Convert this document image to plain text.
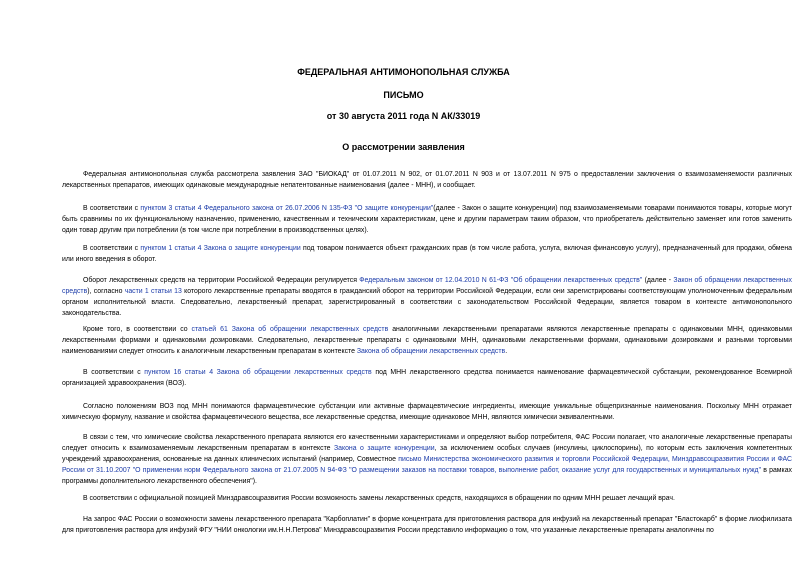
ФЕДЕРАЛЬНАЯ АНТИМОНОПОЛЬНАЯ СЛУЖБА
ПИСЬМО
от 30 августа 2011 года N АК/33019
О рассмотрении заявления

Федеральная антимонопольная служба рассмотрела заявления ЗАО "БИОКАД" от 01.07.2011 N 902, от 01.07.2011 N 903 и от 13.07.2011 N 975 о предоставлении заключения о взаимозаменяемости различных лекарственных препаратов, имеющих одинаковые международные непатентованные наименования (далее - МНН), и сообщает.

В соответствии с пунктом 3 статьи 4 Федерального закона от 26.07.2006 N 135-ФЗ "О защите конкуренции"(далее - Закон о защите конкуренции) под взаимозаменяемыми товарами понимаются товары, которые могут быть сравнимы по их функциональному назначению, применению, качественным и техническим характеристикам, цене и другим параметрам таким образом, что приобретатель действительно заменяет или готов заменить один товар другим при потреблении (в том числе при потреблении в производственных целях).

В соответствии с пунктом 1 статьи 4 Закона о защите конкуренции под товаром понимается объект гражданских прав (в том числе работа, услуга, включая финансовую услугу), предназначенный для продажи, обмена или иного введения в оборот.

Оборот лекарственных средств на территории Российской Федерации регулируется Федеральным законом от 12.04.2010 N 61-ФЗ "Об обращении лекарственных средств" (далее - Закон об обращении лекарственных средств), согласно части 1 статьи 13 которого лекарственные препараты вводятся в гражданский оборот на территории Российской Федерации, если они зарегистрированы соответствующим уполномоченным федеральным органом исполнительной власти. Следовательно, лекарственный препарат, зарегистрированный в соответствии с законодательством Российской Федерации, является товаром в контексте антимонопольного законодательства.

Кроме того, в соответствии со статьей 61 Закона об обращении лекарственных средств аналогичными лекарственными препаратами являются лекарственные препараты с одинаковыми МНН, одинаковыми лекарственными формами и одинаковыми дозировками. Следовательно, лекарственные препараты с одинаковыми МНН, одинаковыми лекарственными формами, одинаковыми дозировками и разными торговыми наименованиями следует относить к аналогичным лекарственным препаратам в контексте Закона об обращении лекарственных средств.

В соответствии с пунктом 16 статьи 4 Закона об обращении лекарственных средств под МНН лекарственного средства понимается наименование фармацевтической субстанции, рекомендованное Всемирной организацией здравоохранения (ВОЗ).

Согласно положениям ВОЗ под МНН понимаются фармацевтические субстанции или активные фармацевтические ингредиенты, имеющие уникальные общепризнанные наименования. Поскольку МНН отражает химическую формулу, название и свойства фармацевтического вещества, все лекарственные средства, имеющие одинаковое МНН, являются химически эквивалентными.

В связи с тем, что химические свойства лекарственного препарата являются его качественными характеристиками и определяют выбор потребителя, ФАС России полагает, что аналогичные лекарственные препараты следует относить к взаимозаменяемым лекарственным препаратам в контексте Закона о защите конкуренции, за исключением особых случаев (инсулины, циклоспорины), по которым есть заключения компетентных учреждений здравоохранения, основанные на данных клинических испытаний (например, Совместное письмо Министерства экономического развития и торговли Российской Федерации, Минздравсоцразвития России и ФАС России от 31.10.2007 "О применении норм Федерального закона от 21.07.2005 N 94-ФЗ "О размещении заказов на поставки товаров, выполнение работ, оказание услуг для государственных и муниципальных нужд" в рамках программы дополнительного лекарственного обеспечения").

В соответствии с официальной позицией Минздравсоцразвития России возможность замены лекарственных средств, находящихся в обращении по одним МНН решает лечащий врач.

На запрос ФАС России о возможности замены лекарственного препарата "Карбоплатин" в форме концентрата для приготовления раствора для инфузий на лекарственный препарат "Бластокарб" в форме лиофилизата для приготовления раствора для инфузий ФГУ "НИИ онкологии им.Н.Н.Петрова" Минздравсоцразвития России представило информацию о том, что указанные лекарственные препараты аналогичны по
